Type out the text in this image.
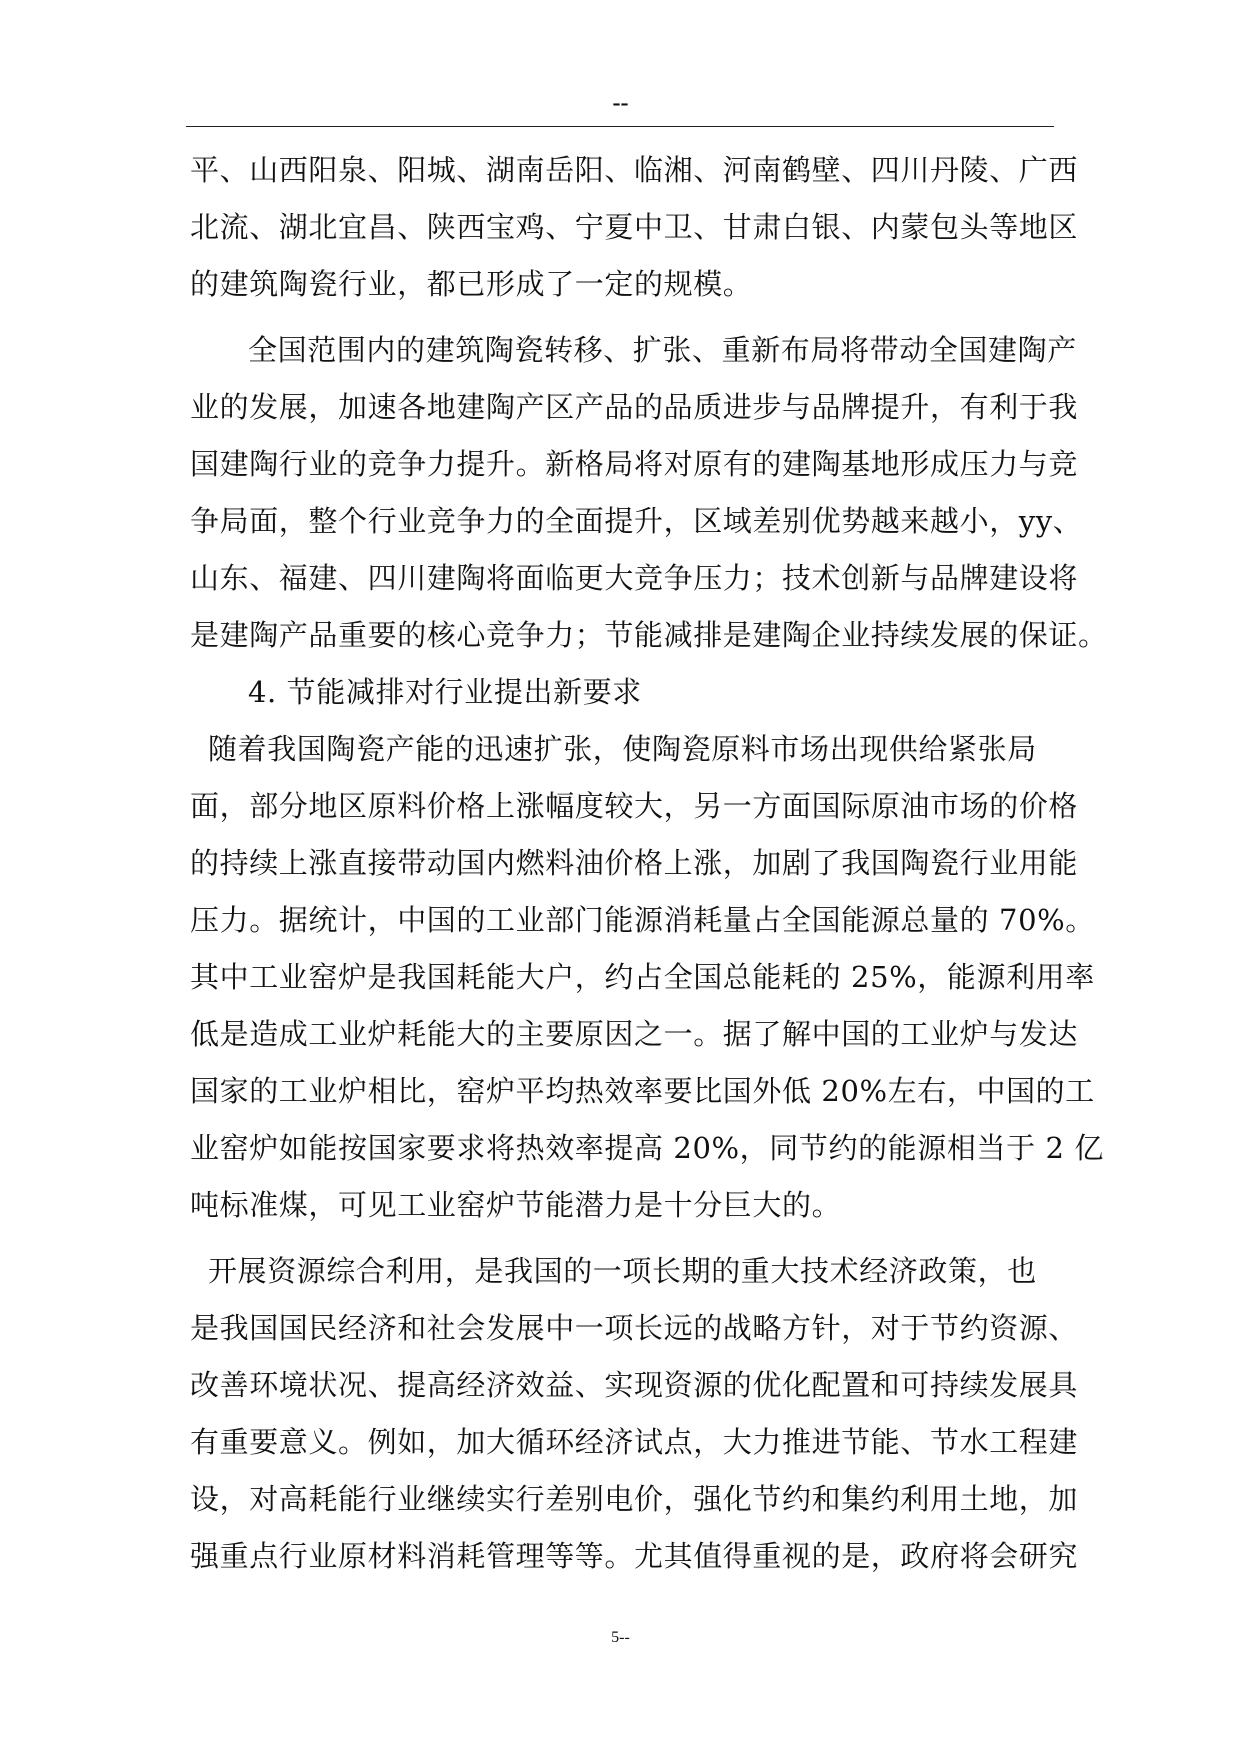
--
平、山西阳泉、阳城、湖南岳阳、临湘、河南鹤壁、四川丹陵、广西
北流、湖北宜昌、陕西宝鸡、宁夏中卫、甘肃白银、内蒙包头等地区
的建筑陶瓷行业，都已形成了一定的规模。
全国范围内的建筑陶瓷转移、扩张、重新布局将带动全国建陶产
业的发展，加速各地建陶产区产品的品质进步与品牌提升，有利于我
国建陶行业的竞争力提升。新格局将对原有的建陶基地形成压力与竞
争局面，整个行业竞争力的全面提升，区域差别优势越来越小，yy、
山东、福建、四川建陶将面临更大竞争压力；技术创新与品牌建设将
是建陶产品重要的核心竞争力；节能减排是建陶企业持续发展的保证。
4. 节能减排对行业提出新要求
随着我国陶瓷产能的迅速扩张，使陶瓷原料市场出现供给紧张局
面，部分地区原料价格上涨幅度较大，另一方面国际原油市场的价格
的持续上涨直接带动国内燃料油价格上涨，加剧了我国陶瓷行业用能
压力。据统计，中国的工业部门能源消耗量占全国能源总量的 70%。
其中工业窑炉是我国耗能大户，约占全国总能耗的 25%，能源利用率
低是造成工业炉耗能大的主要原因之一。据了解中国的工业炉与发达
国家的工业炉相比，窑炉平均热效率要比国外低 20%左右，中国的工
业窑炉如能按国家要求将热效率提高 20%，同节约的能源相当于 2 亿
吨标准煤，可见工业窑炉节能潜力是十分巨大的。
开展资源综合利用，是我国的一项长期的重大技术经济政策，也
是我国国民经济和社会发展中一项长远的战略方针，对于节约资源、
改善环境状况、提高经济效益、实现资源的优化配置和可持续发展具
有重要意义。例如，加大循环经济试点，大力推进节能、节水工程建
设，对高耗能行业继续实行差别电价，强化节约和集约利用土地，加
强重点行业原材料消耗管理等等。尤其值得重视的是，政府将会研究
5--
